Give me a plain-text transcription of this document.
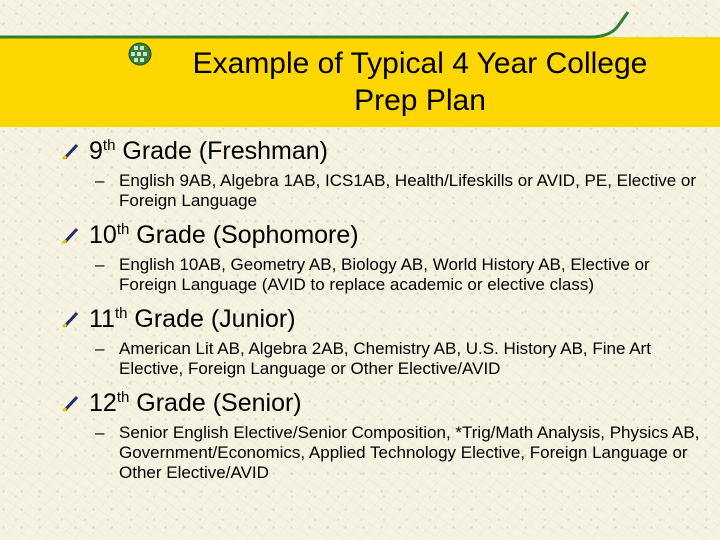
Example of Typical 4 Year College
Prep Plan
9th Grade (Freshman)
– English 9AB, Algebra 1AB, ICS1AB, Health/Lifeskills or AVID, PE, Elective or Foreign Language
10th Grade (Sophomore)
– English 10AB, Geometry AB, Biology AB, World History AB, Elective or Foreign Language (AVID to replace academic or elective class)
11th Grade (Junior)
– American Lit AB, Algebra 2AB, Chemistry AB, U.S. History AB, Fine Art Elective, Foreign Language or Other Elective/AVID
12th Grade (Senior)
– Senior English Elective/Senior Composition, *Trig/Math Analysis, Physics AB, Government/Economics, Applied Technology Elective, Foreign Language or Other Elective/AVID
